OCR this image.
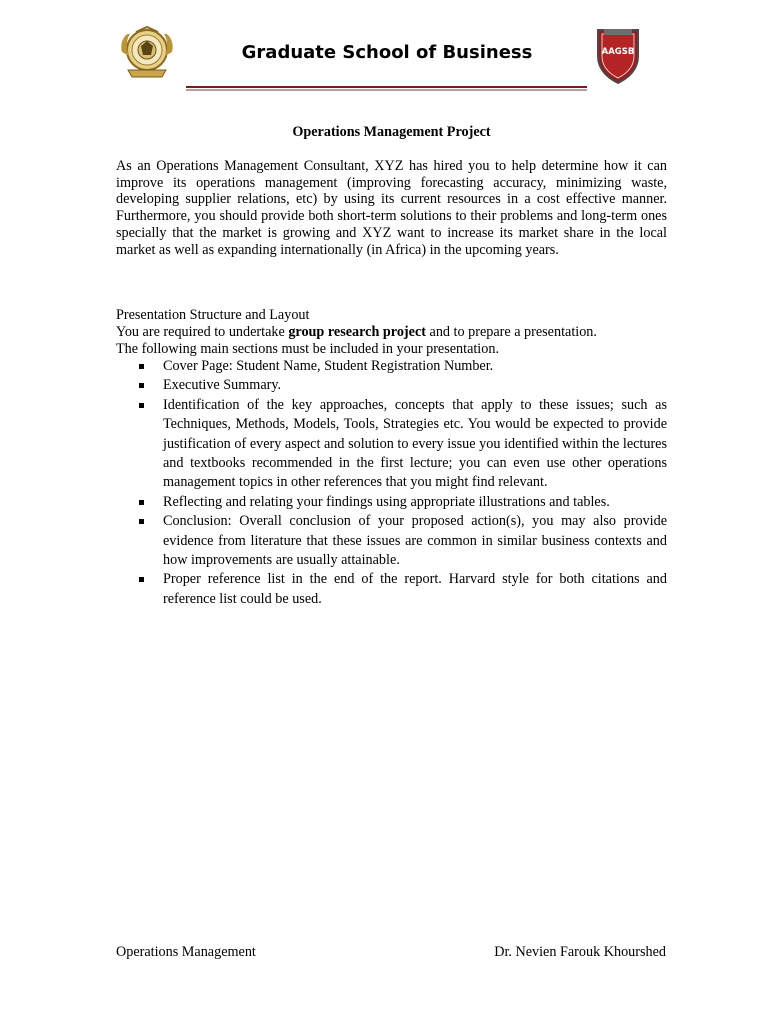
Graduate School of Business	AAGSB
Operations Management Project

As an Operations Management Consultant, XYZ has hired you to help determine how it can improve its operations management (improving forecasting accuracy, minimizing waste, developing supplier relations, etc) by using its current resources in a cost effective manner. Furthermore, you should provide both short-term solutions to their problems and long-term ones specially that the market is growing and XYZ want to increase its market share in the local market as well as expanding internationally (in Africa) in the upcoming years.

Presentation Structure and Layout
You are required to undertake group research project and to prepare a presentation.
The following main sections must be included in your presentation.
Cover Page: Student Name, Student Registration Number.
Executive Summary.
Identification of the key approaches, concepts that apply to these issues; such as Techniques, Methods, Models, Tools, Strategies etc. You would be expected to provide justification of every aspect and solution to every issue you identified within the lectures and textbooks recommended in the first lecture; you can even use other operations management topics in other references that you might find relevant.
Reflecting and relating your findings using appropriate illustrations and tables.
Conclusion: Overall conclusion of your proposed action(s), you may also provide evidence from literature that these issues are common in similar business contexts and how improvements are usually attainable.
Proper reference list in the end of the report. Harvard style for both citations and reference list could be used.
Operations Management	Dr. Nevien Farouk Khourshed
